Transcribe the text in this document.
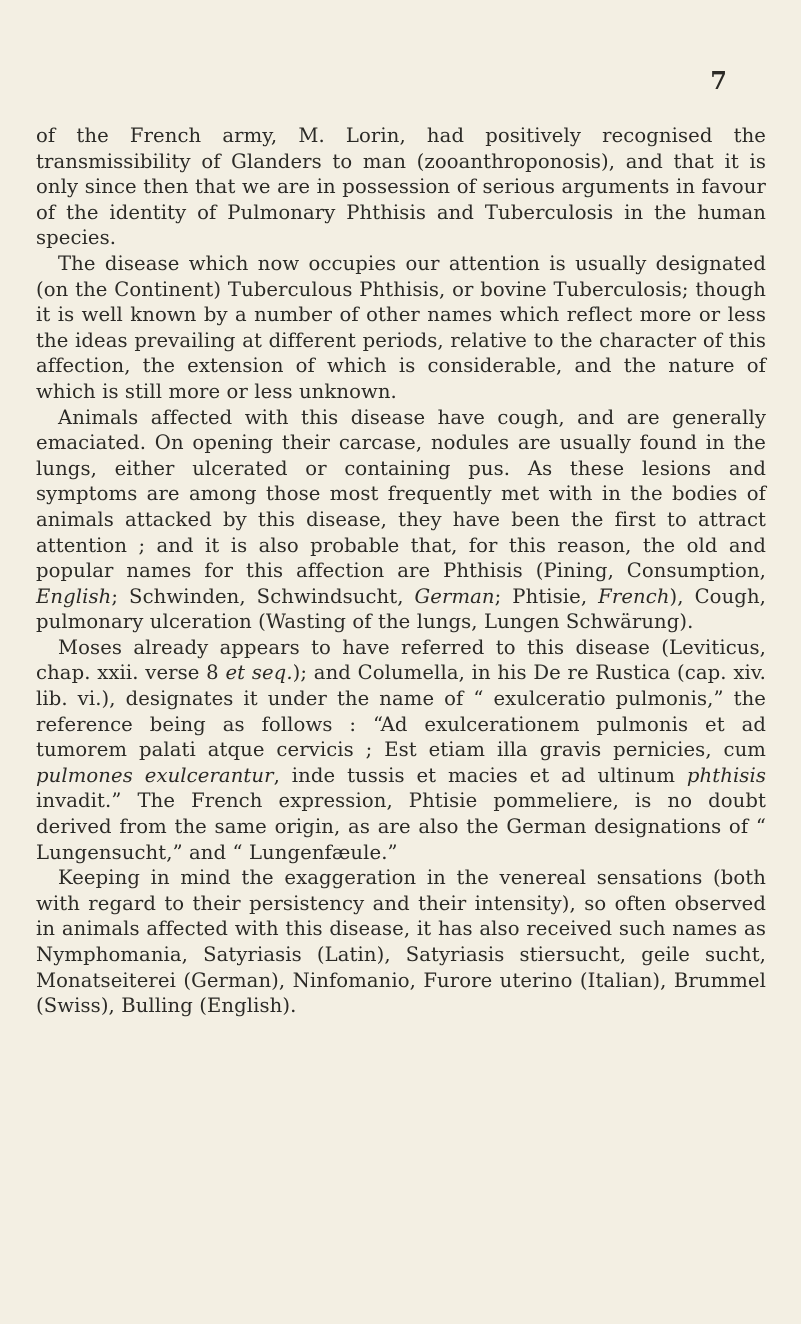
7

of the French army, M. Lorin, had positively recognised the transmissibility of Glanders to man (zooanthroponosis), and that it is only since then that we are in possession of serious arguments in favour of the identity of Pulmonary Phthisis and Tuberculosis in the human species.

The disease which now occupies our attention is usually designated (on the Continent) Tuberculous Phthisis, or bovine Tuberculosis; though it is well known by a number of other names which reflect more or less the ideas prevailing at different periods, relative to the character of this affection, the extension of which is considerable, and the nature of which is still more or less unknown.

Animals affected with this disease have cough, and are generally emaciated. On opening their carcase, nodules are usually found in the lungs, either ulcerated or containing pus. As these lesions and symptoms are among those most frequently met with in the bodies of animals attacked by this disease, they have been the first to attract attention ; and it is also probable that, for this reason, the old and popular names for this affection are Phthisis (Pining, Consumption, English; Schwinden, Schwindsucht, German; Phtisie, French), Cough, pulmonary ulceration (Wasting of the lungs, Lungen Schwärung).

Moses already appears to have referred to this disease (Leviticus, chap. xxii. verse 8 et seq.); and Columella, in his De re Rustica (cap. xiv. lib. vi.), designates it under the name of “ exulceratio pulmonis,” the reference being as follows : “Ad exulcerationem pulmonis et ad tumorem palati atque cervicis ; Est etiam illa gravis pernicies, cum pulmones exulcerantur, inde tussis et macies et ad ultinum phthisis invadit.” The French expression, Phtisie pommeliere, is no doubt derived from the same origin, as are also the German designations of “ Lungensucht,” and “ Lungenfæule.”

Keeping in mind the exaggeration in the venereal sensations (both with regard to their persistency and their intensity), so often observed in animals affected with this disease, it has also received such names as Nymphomania, Satyriasis (Latin), Satyriasis stiersucht, geile sucht, Monatseiterei (German), Ninfomanio, Furore uterino (Italian), Brummel (Swiss), Bulling (English).
